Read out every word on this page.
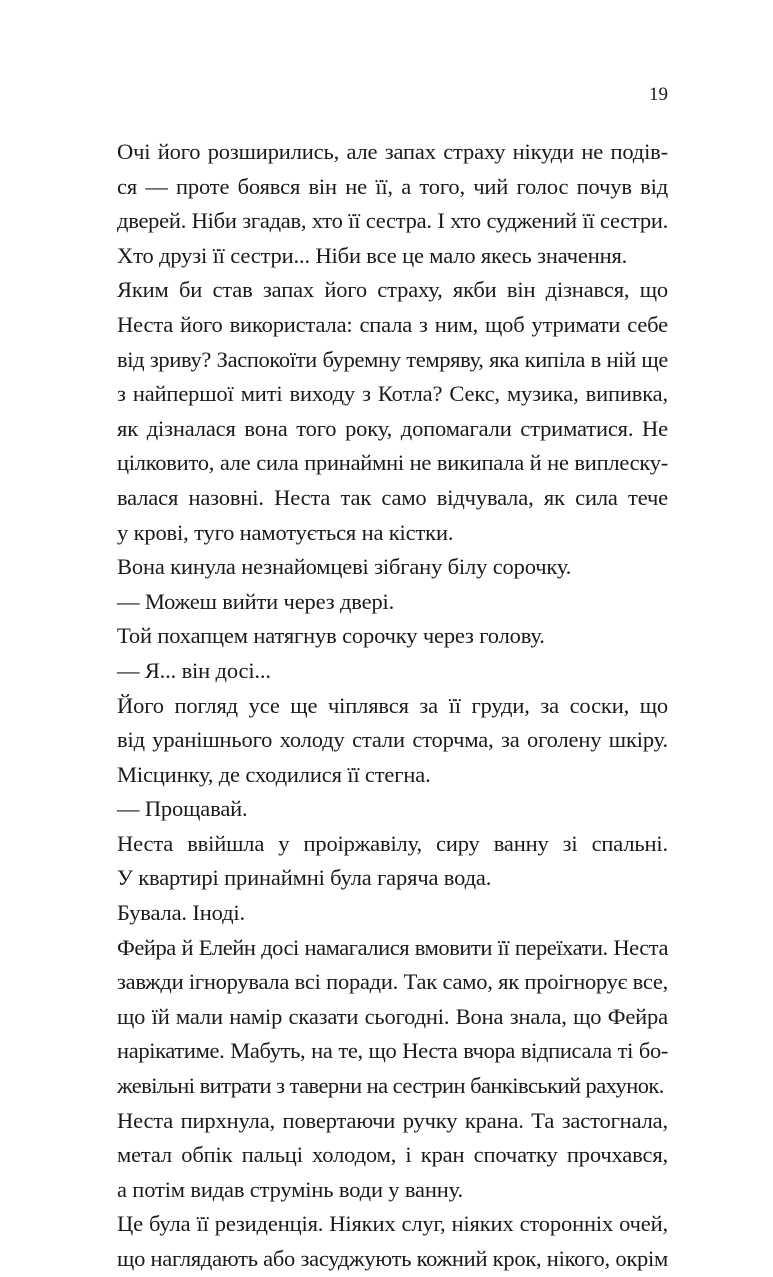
19
Очі його розширились, але запах страху нікуди не подів-
ся — проте боявся він не її, а того, чий голос почув від
дверей. Ніби згадав, хто її сестра. І хто суджений її сестри.
Хто друзі її сестри... Ніби все це мало якесь значення.
Яким би став запах його страху, якби він дізнався, що
Неста його використала: спала з ним, щоб утримати себе
від зриву? Заспокоїти буремну темряву, яка кипіла в ній ще
з найпершої миті виходу з Котла? Секс, музика, випивка,
як дізналася вона того року, допомагали стриматися. Не
цілковито, але сила принаймні не википала й не виплеску-
валася назовні. Неста так само відчувала, як сила тече
у крові, туго намотується на кістки.
Вона кинула незнайомцеві зібгану білу сорочку.
— Можеш вийти через двері.
Той похапцем натягнув сорочку через голову.
— Я... він досі...
Його погляд усе ще чіплявся за її груди, за соски, що
від уранішнього холоду стали сторчма, за оголену шкіру.
Місцинку, де сходилися її стегна.
— Прощавай.
Неста ввійшла у проіржавілу, сиру ванну зі спальні.
У квартирі принаймні була гаряча вода.
Бувала. Іноді.
Фейра й Елейн досі намагалися вмовити її переїхати. Неста
завжди ігнорувала всі поради. Так само, як проігнорує все,
що їй мали намір сказати сьогодні. Вона знала, що Фейра
нарікатиме. Мабуть, на те, що Неста вчора відписала ті бо-
жевільні витрати з таверни на сестрин банківський рахунок.
Неста пирхнула, повертаючи ручку крана. Та застогнала,
метал обпік пальці холодом, і кран спочатку прочхався,
а потім видав струмінь води у ванну.
Це була її резиденція. Ніяких слуг, ніяких сторонніх очей,
що наглядають або засуджують кожний крок, нікого, окрім
